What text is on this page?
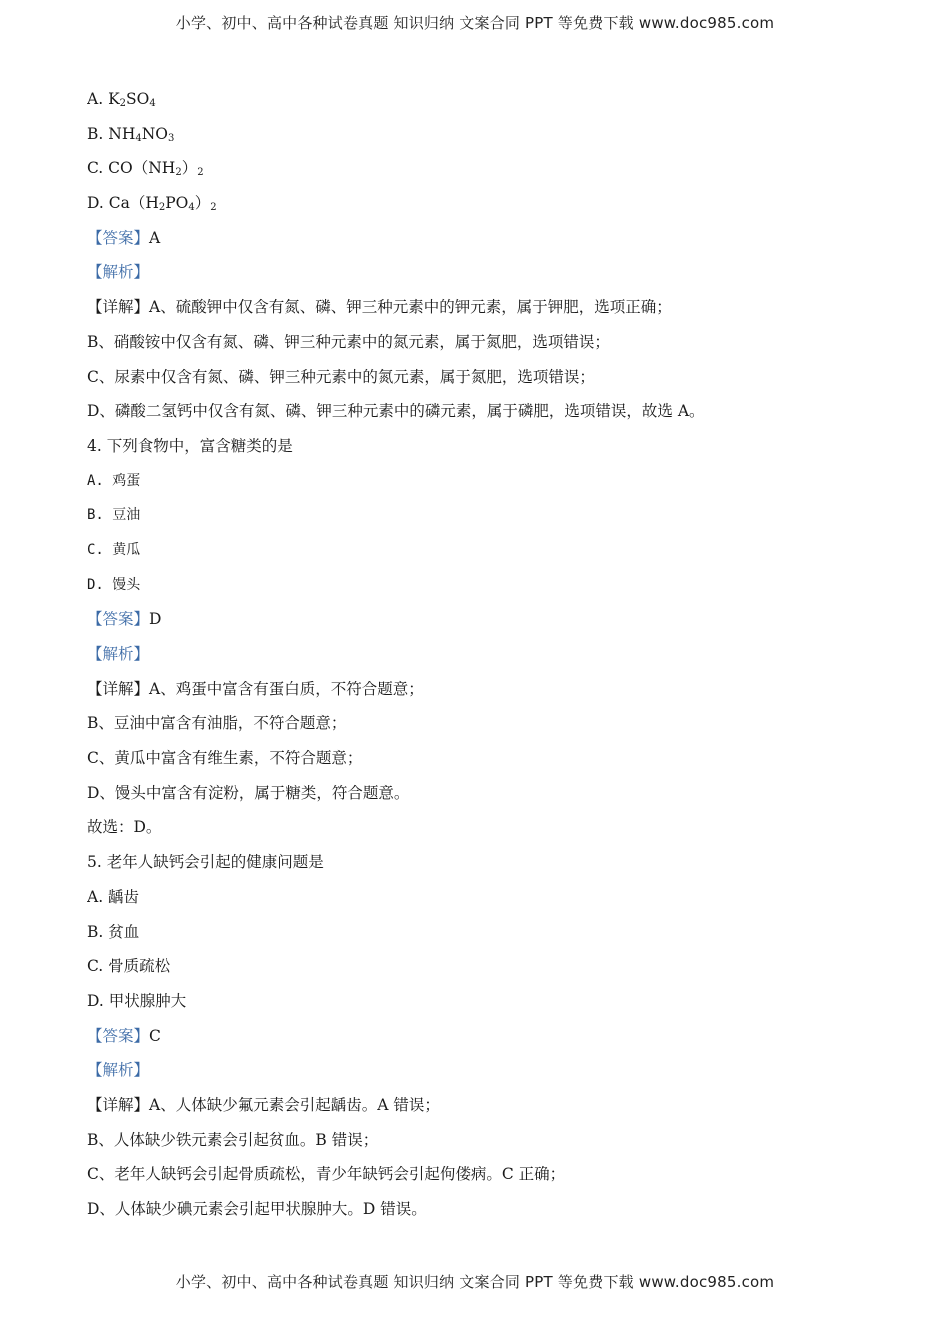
小学、初中、高中各种试卷真题 知识归纳 文案合同 PPT 等免费下载 www.doc985.com
A. $K_2SO_4$
B. $NH_4NO_3$
C. $CO(NH_2)_2$
D. $Ca(H_2PO_4)_2$
【答案】A
【解析】
【详解】A、硫酸钾中仅含有氮、磷、钾三种元素中的钾元素，属于钾肥，选项正确；
B、硝酸铵中仅含有氮、磷、钾三种元素中的氮元素，属于氮肥，选项错误；
C、尿素中仅含有氮、磷、钾三种元素中的氮元素，属于氮肥，选项错误；
D、磷酸二氢钙中仅含有氮、磷、钾三种元素中的磷元素，属于磷肥，选项错误，故选 A。
4. 下列食物中，富含糖类的是
A. 鸡蛋
B. 豆油
C. 黄瓜
D. 馒头
【答案】D
【解析】
【详解】A、鸡蛋中富含有蛋白质，不符合题意；
B、豆油中富含有油脂，不符合题意；
C、黄瓜中富含有维生素，不符合题意；
D、馒头中富含有淀粉，属于糖类，符合题意。
故选：D。
5. 老年人缺钙会引起的健康问题是
A. 龋齿
B. 贫血
C. 骨质疏松
D. 甲状腺肿大
【答案】C
【解析】
【详解】A、人体缺少氟元素会引起龋齿。A 错误；
B、人体缺少铁元素会引起贫血。B 错误；
C、老年人缺钙会引起骨质疏松，青少年缺钙会引起佝偻病。C 正确；
D、人体缺少碘元素会引起甲状腺肿大。D 错误。
小学、初中、高中各种试卷真题 知识归纳 文案合同 PPT 等免费下载 www.doc985.com
